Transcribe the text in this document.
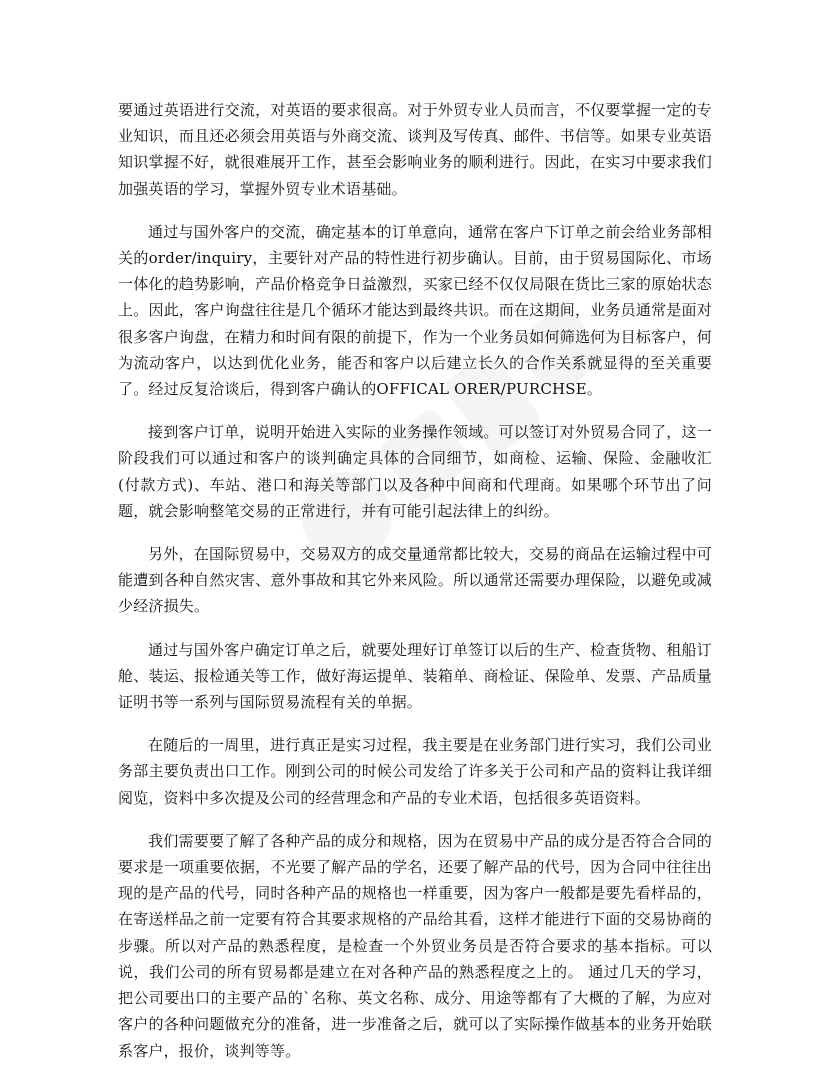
要通过英语进行交流，对英语的要求很高。对于外贸专业人员而言，不仅要掌握一定的专业知识，而且还必须会用英语与外商交流、谈判及写传真、邮件、书信等。如果专业英语知识掌握不好，就很难展开工作，甚至会影响业务的顺利进行。因此，在实习中要求我们加强英语的学习，掌握外贸专业术语基础。

通过与国外客户的交流，确定基本的订单意向，通常在客户下订单之前会给业务部相关的order/inquiry，主要针对产品的特性进行初步确认。目前，由于贸易国际化、市场一体化的趋势影响，产品价格竞争日益激烈，买家已经不仅仅局限在货比三家的原始状态上。因此，客户询盘往往是几个循环才能达到最终共识。而在这期间，业务员通常是面对很多客户询盘，在精力和时间有限的前提下，作为一个业务员如何筛选何为目标客户，何为流动客户，以达到优化业务，能否和客户以后建立长久的合作关系就显得的至关重要了。经过反复洽谈后，得到客户确认的OFFICAL ORER/PURCHSE。

接到客户订单，说明开始进入实际的业务操作领域。可以签订对外贸易合同了，这一阶段我们可以通过和客户的谈判确定具体的合同细节，如商检、运输、保险、金融收汇(付款方式)、车站、港口和海关等部门以及各种中间商和代理商。如果哪个环节出了问题，就会影响整笔交易的正常进行，并有可能引起法律上的纠纷。

另外，在国际贸易中，交易双方的成交量通常都比较大，交易的商品在运输过程中可能遭到各种自然灾害、意外事故和其它外来风险。所以通常还需要办理保险，以避免或减少经济损失。

通过与国外客户确定订单之后，就要处理好订单签订以后的生产、检查货物、租船订舱、装运、报检通关等工作，做好海运提单、装箱单、商检证、保险单、发票、产品质量证明书等一系列与国际贸易流程有关的单据。

在随后的一周里，进行真正是实习过程，我主要是在业务部门进行实习，我们公司业务部主要负责出口工作。刚到公司的时候公司发给了许多关于公司和产品的资料让我详细阅览，资料中多次提及公司的经营理念和产品的专业术语，包括很多英语资料。

我们需要要了解了各种产品的成分和规格，因为在贸易中产品的成分是否符合合同的要求是一项重要依据，不光要了解产品的学名，还要了解产品的代号，因为合同中往往出现的是产品的代号，同时各种产品的规格也一样重要，因为客户一般都是要先看样品的，在寄送样品之前一定要有符合其要求规格的产品给其看，这样才能进行下面的交易协商的步骤。所以对产品的熟悉程度，是检查一个外贸业务员是否符合要求的基本指标。可以说，我们公司的所有贸易都是建立在对各种产品的熟悉程度之上的。 通过几天的学习，把公司要出口的主要产品的`名称、英文名称、成分、用途等都有了大概的了解，为应对客户的各种问题做充分的准备，进一步准备之后，就可以了实际操作做基本的业务开始联系客户，报价，谈判等等。
